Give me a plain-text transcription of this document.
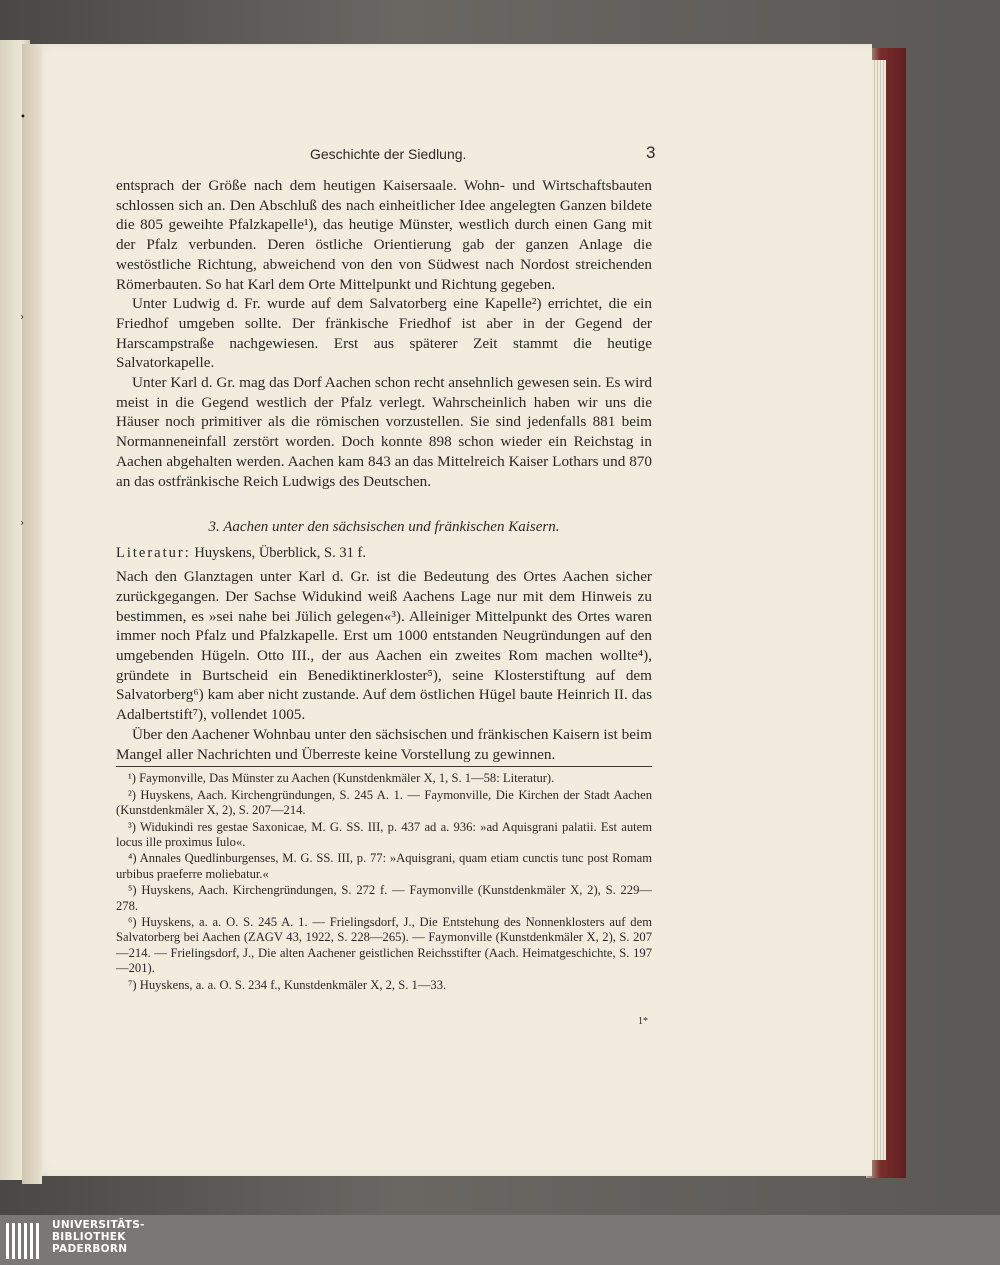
•
›
›
Geschichte der Siedlung.	3

entsprach der Größe nach dem heutigen Kaisersaale. Wohn- und Wirtschaftsbauten schlossen sich an. Den Abschluß des nach einheitlicher Idee angelegten Ganzen bildete die 805 geweihte Pfalzkapelle¹), das heutige Münster, westlich durch einen Gang mit der Pfalz verbunden. Deren östliche Orientierung gab der ganzen Anlage die westöstliche Richtung, abweichend von den von Südwest nach Nordost streichenden Römerbauten. So hat Karl dem Orte Mittelpunkt und Richtung gegeben.

Unter Ludwig d. Fr. wurde auf dem Salvatorberg eine Kapelle²) errichtet, die ein Friedhof umgeben sollte. Der fränkische Friedhof ist aber in der Gegend der Harscampstraße nachgewiesen. Erst aus späterer Zeit stammt die heutige Salvatorkapelle.

Unter Karl d. Gr. mag das Dorf Aachen schon recht ansehnlich gewesen sein. Es wird meist in die Gegend westlich der Pfalz verlegt. Wahrscheinlich haben wir uns die Häuser noch primitiver als die römischen vorzustellen. Sie sind jedenfalls 881 beim Normanneneinfall zerstört worden. Doch konnte 898 schon wieder ein Reichstag in Aachen abgehalten werden. Aachen kam 843 an das Mittelreich Kaiser Lothars und 870 an das ostfränkische Reich Ludwigs des Deutschen.

3. Aachen unter den sächsischen und fränkischen Kaisern.

Literatur: Huyskens, Überblick, S. 31 f.

Nach den Glanztagen unter Karl d. Gr. ist die Bedeutung des Ortes Aachen sicher zurückgegangen. Der Sachse Widukind weiß Aachens Lage nur mit dem Hinweis zu bestimmen, es »sei nahe bei Jülich gelegen«³). Alleiniger Mittelpunkt des Ortes waren immer noch Pfalz und Pfalzkapelle. Erst um 1000 entstanden Neugründungen auf den umgebenden Hügeln. Otto III., der aus Aachen ein zweites Rom machen wollte⁴), gründete in Burtscheid ein Benediktinerkloster⁵), seine Klosterstiftung auf dem Salvatorberg⁶) kam aber nicht zustande. Auf dem östlichen Hügel baute Heinrich II. das Adalbertstift⁷), vollendet 1005.

Über den Aachener Wohnbau unter den sächsischen und fränkischen Kaisern ist beim Mangel aller Nachrichten und Überreste keine Vorstellung zu gewinnen.

¹) Faymonville, Das Münster zu Aachen (Kunstdenkmäler X, 1, S. 1—58: Literatur).

²) Huyskens, Aach. Kirchengründungen, S. 245 A. 1. — Faymonville, Die Kirchen der Stadt Aachen (Kunstdenkmäler X, 2), S. 207—214.

³) Widukindi res gestae Saxonicae, M. G. SS. III, p. 437 ad a. 936: »ad Aquisgrani palatii. Est autem locus ille proximus Iulo«.

⁴) Annales Quedlinburgenses, M. G. SS. III, p. 77: »Aquisgrani, quam etiam cunctis tunc post Romam urbibus praeferre moliebatur.«

⁵) Huyskens, Aach. Kirchengründungen, S. 272 f. — Faymonville (Kunstdenkmäler X, 2), S. 229—278.

⁶) Huyskens, a. a. O. S. 245 A. 1. — Frielingsdorf, J., Die Entstehung des Nonnenklosters auf dem Salvatorberg bei Aachen (ZAGV 43, 1922, S. 228—265). — Faymonville (Kunstdenkmäler X, 2), S. 207—214. — Frielingsdorf, J., Die alten Aachener geistlichen Reichsstifter (Aach. Heimatgeschichte, S. 197—201).

⁷) Huyskens, a. a. O. S. 234 f., Kunstdenkmäler X, 2, S. 1—33.

1*
UNIVERSITÄTS-
BIBLIOTHEK
PADERBORN
